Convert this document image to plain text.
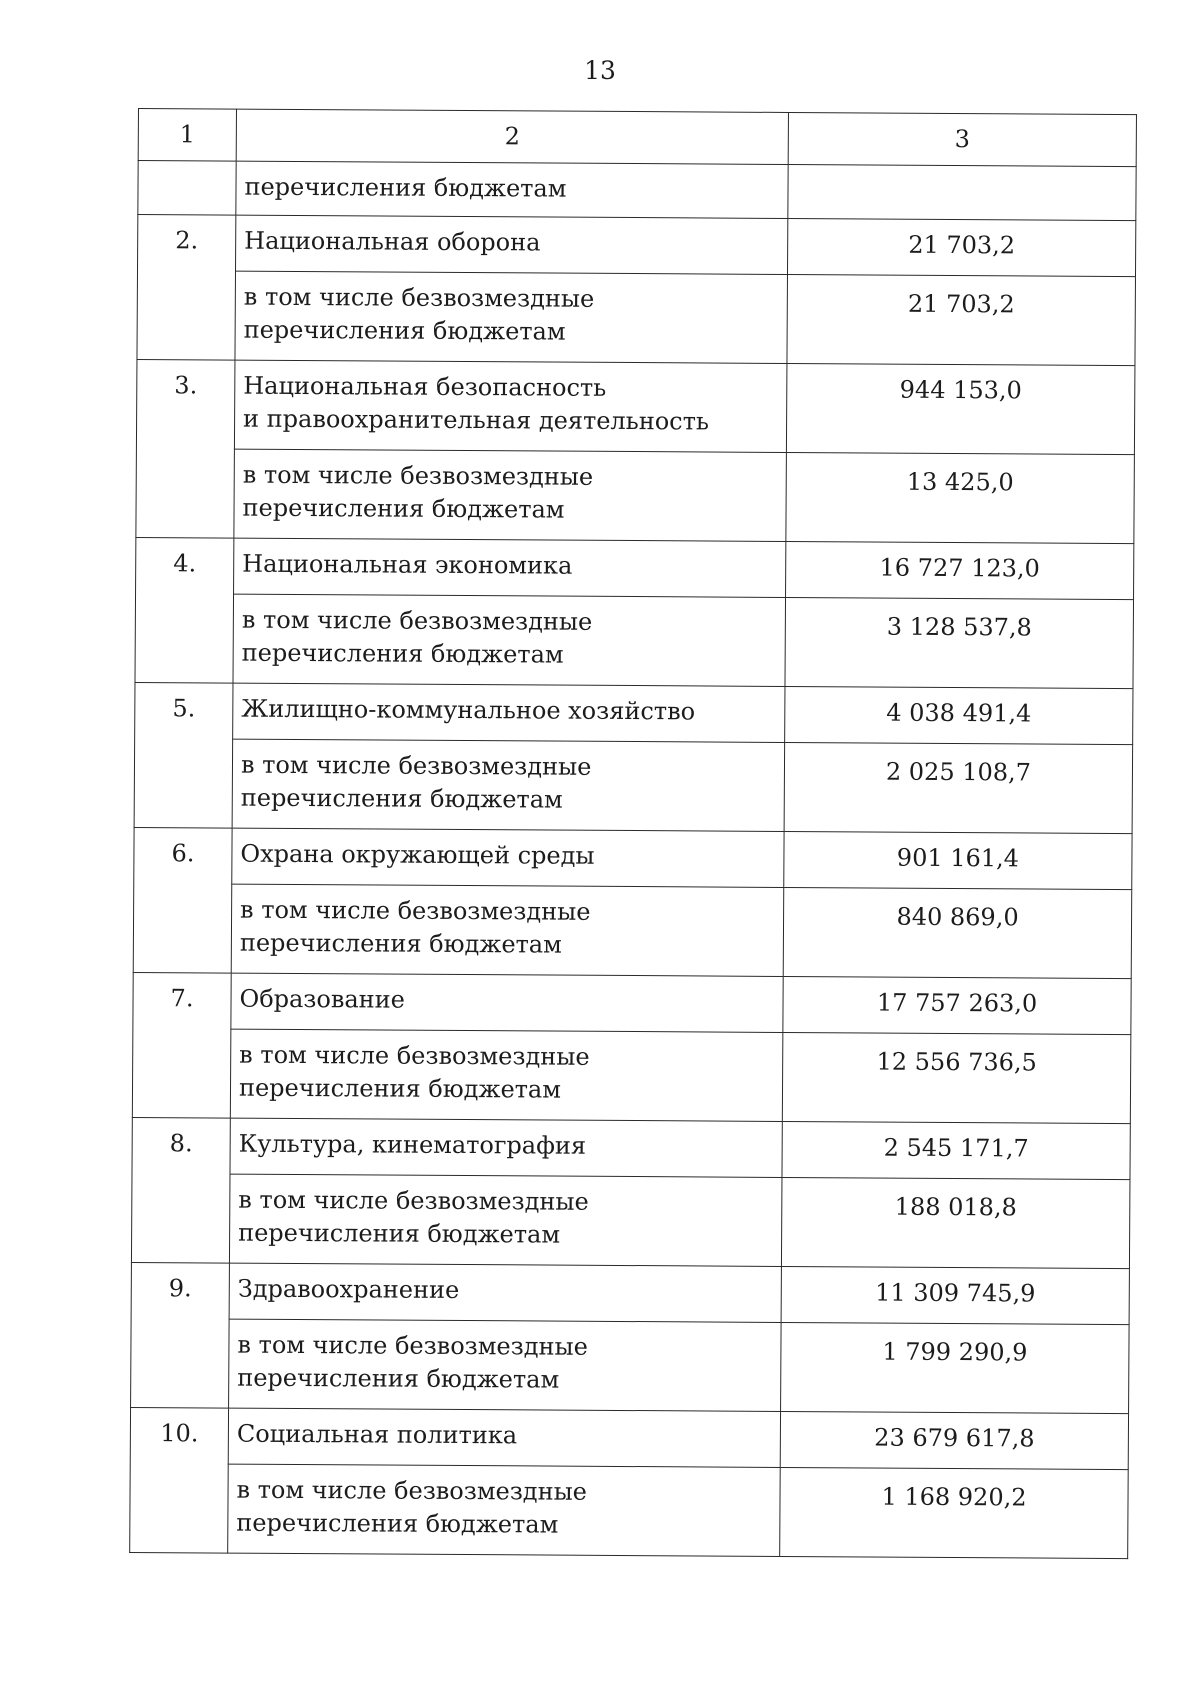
13
1	2	3
	перечисления бюджетам	
2.	Национальная оборона	21 703,2

	в том числе безвозмездные
перечисления бюджетам	21 703,2
3.	Национальная безопасность
и правоохранительная деятельность	944 153,0

	в том числе безвозмездные
перечисления бюджетам	13 425,0
4.	Национальная экономика	16 727 123,0

	в том числе безвозмездные
перечисления бюджетам	3 128 537,8
5.	Жилищно-коммунальное хозяйство	4 038 491,4

	в том числе безвозмездные
перечисления бюджетам	2 025 108,7
6.	Охрана окружающей среды	901 161,4

	в том числе безвозмездные
перечисления бюджетам	840 869,0
7.	Образование	17 757 263,0

	в том числе безвозмездные
перечисления бюджетам	12 556 736,5
8.	Культура, кинематография	2 545 171,7

	в том числе безвозмездные
перечисления бюджетам	188 018,8
9.	Здравоохранение	11 309 745,9

	в том числе безвозмездные
перечисления бюджетам	1 799 290,9
10.	Социальная политика	23 679 617,8

	в том числе безвозмездные
перечисления бюджетам	1 168 920,2
